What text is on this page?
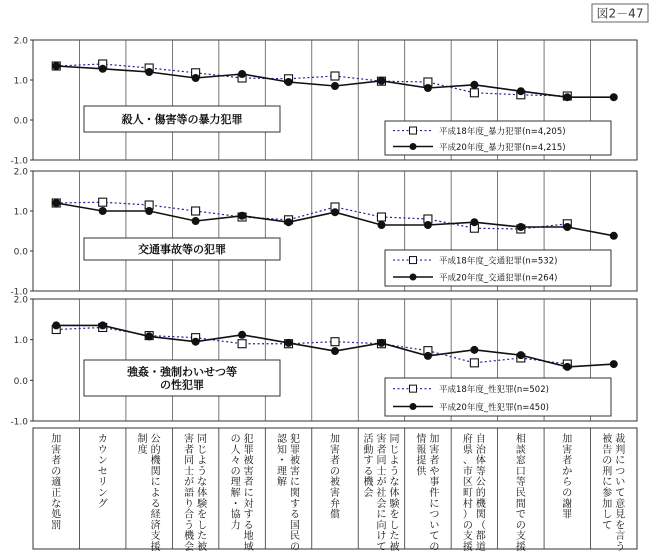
図2－47
2.0
1.0
0.0
-1.0
殺人・傷害等の暴力犯罪
平成18年度_暴力犯罪(n=4,205)
平成20年度_暴力犯罪(n=4,215)
2.0
1.0
0.0
-1.0
交通事故等の犯罪
平成18年度_交通犯罪(n=532)
平成20年度_交通犯罪(n=264)
2.0
1.0
0.0
-1.0
強姦・強制わいせつ等の性犯罪	平成18年度_性犯罪(n=502)
平成20年度_性犯罪(n=450)
加害者の適正な処罰
カウンセリング
公的機関による経済支援制度
同じような体験をした被害者同士が語り合う機会
犯罪被害者に対する地域の人々の理解・協力
犯罪被害に関する国民の認知・理解
加害者の被害弁償
同じような体験をした被害者同士が社会に向けて活動する機会
加害者や事件についての情報提供
自治体等公的機関（都道府県、市区町村）の支援
相談窓口等民間での支援
加害者からの謝罪
裁判について意見を言う被告の刑に参加して
